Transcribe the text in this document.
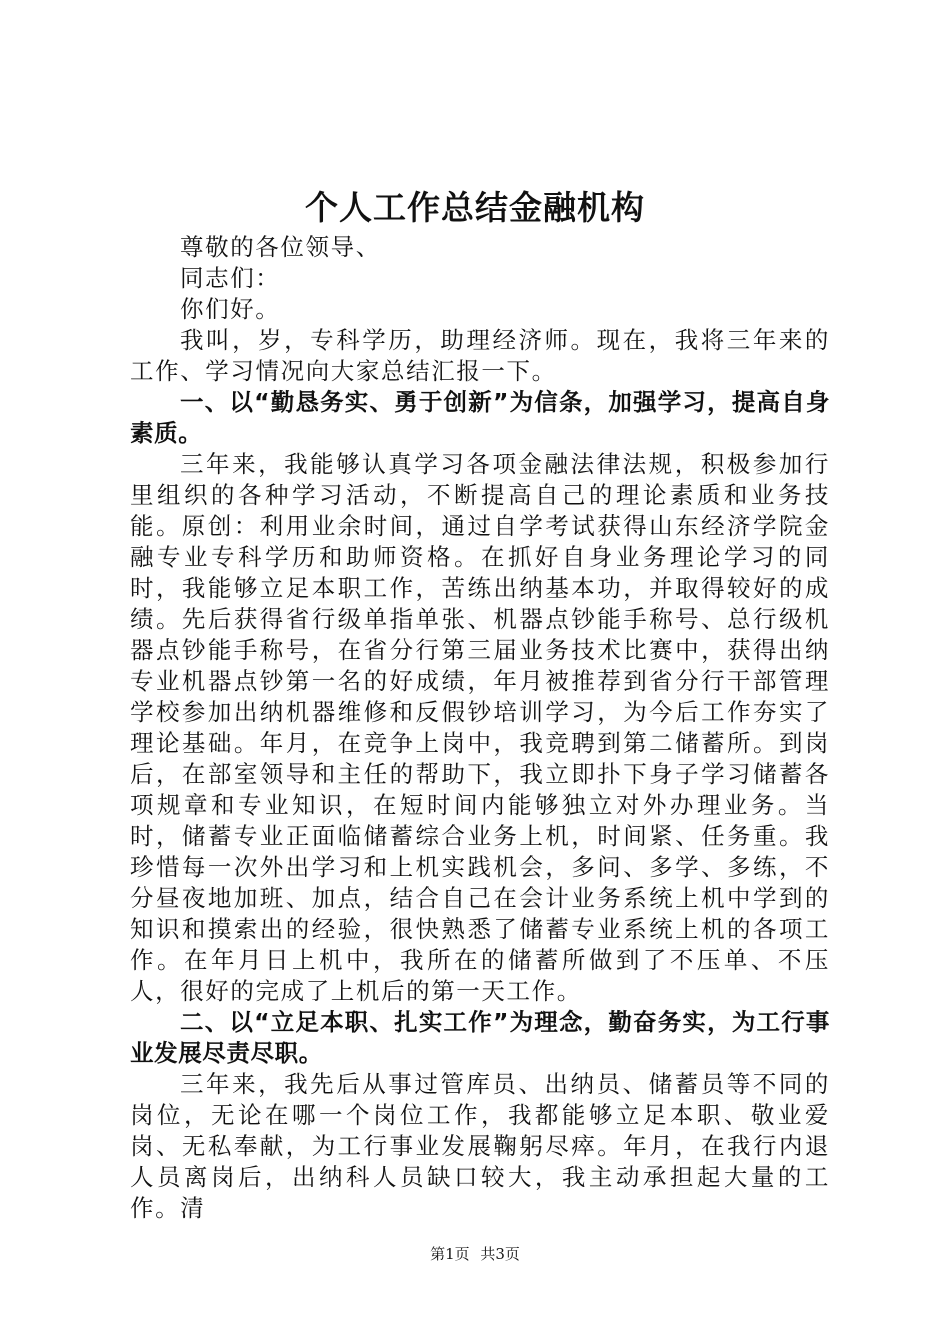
个人工作总结金融机构

尊敬的各位领导、

同志们：

你们好。

我叫，岁，专科学历，助理经济师。现在，我将三年来的工作、学习情况向大家总结汇报一下。

一、以“勤恳务实、勇于创新”为信条，加强学习，提高自身素质。

三年来，我能够认真学习各项金融法律法规，积极参加行里组织的各种学习活动，不断提高自己的理论素质和业务技能。原创：利用业余时间，通过自学考试获得山东经济学院金融专业专科学历和助师资格。在抓好自身业务理论学习的同时，我能够立足本职工作，苦练出纳基本功，并取得较好的成绩。先后获得省行级单指单张、机器点钞能手称号、总行级机器点钞能手称号，在省分行第三届业务技术比赛中，获得出纳专业机器点钞第一名的好成绩，年月被推荐到省分行干部管理学校参加出纳机器维修和反假钞培训学习，为今后工作夯实了理论基础。年月，在竞争上岗中，我竞聘到第二储蓄所。到岗后，在部室领导和主任的帮助下，我立即扑下身子学习储蓄各项规章和专业知识，在短时间内能够独立对外办理业务。当时，储蓄专业正面临储蓄综合业务上机，时间紧、任务重。我珍惜每一次外出学习和上机实践机会，多问、多学、多练，不分昼夜地加班、加点，结合自己在会计业务系统上机中学到的知识和摸索出的经验，很快熟悉了储蓄专业系统上机的各项工作。在年月日上机中，我所在的储蓄所做到了不压单、不压人，很好的完成了上机后的第一天工作。

二、以“立足本职、扎实工作”为理念，勤奋务实，为工行事业发展尽责尽职。

三年来，我先后从事过管库员、出纳员、储蓄员等不同的岗位，无论在哪一个岗位工作，我都能够立足本职、敬业爱岗、无私奉献，为工行事业发展鞠躬尽瘁。年月，在我行内退人员离岗后，出纳科人员缺口较大，我主动承担起大量的工作。清

第1页 共3页
